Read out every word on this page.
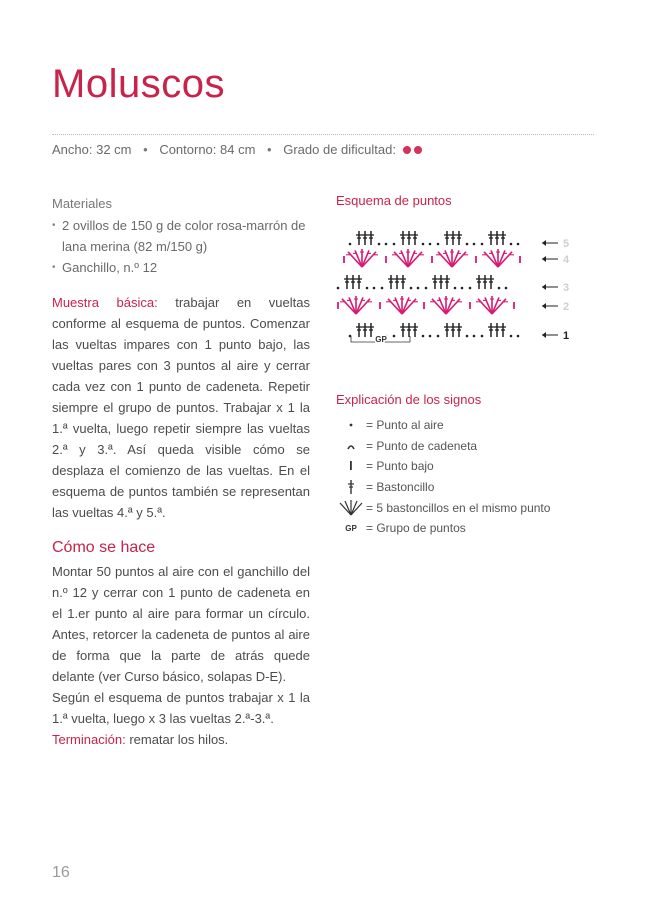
Moluscos
Ancho: 32 cm • Contorno: 84 cm • Grado de dificultad:
Materiales
• 2 ovillos de 150 g de color rosa-marrón de lana merina (82 m/150 g)
• Ganchillo, n.º 12

Muestra básica: trabajar en vueltas conforme al esquema de puntos. Comenzar las vueltas impares con 1 punto bajo, las vueltas pares con 3 puntos al aire y cerrar cada vez con 1 punto de cadeneta. Repetir siempre el grupo de puntos. Trabajar x 1 la 1.ª vuelta, luego repetir siempre las vueltas 2.ª y 3.ª. Así queda visible cómo se desplaza el comienzo de las vueltas. En el esquema de puntos también se representan las vueltas 4.ª y 5.ª.

Cómo se hace

Montar 50 puntos al aire con el ganchillo del n.º 12 y cerrar con 1 punto de cadeneta en el 1.er punto al aire para formar un círculo. Antes, retorcer la cadeneta de puntos al aire de forma que la parte de atrás quede delante (ver Curso básico, solapas D-E).

Según el esquema de puntos trabajar x 1 la 1.ª vuelta, luego x 3 las vueltas 2.ª-3.ª.

Terminación: rematar los hilos.

Esquema de puntos
5
4
3
2
1
GP
Explicación de los signos
= Punto al aire
= Punto de cadeneta
= Punto bajo
= Bastoncillo
= 5 bastoncillos en el mismo punto
GP = Grupo de puntos
16
